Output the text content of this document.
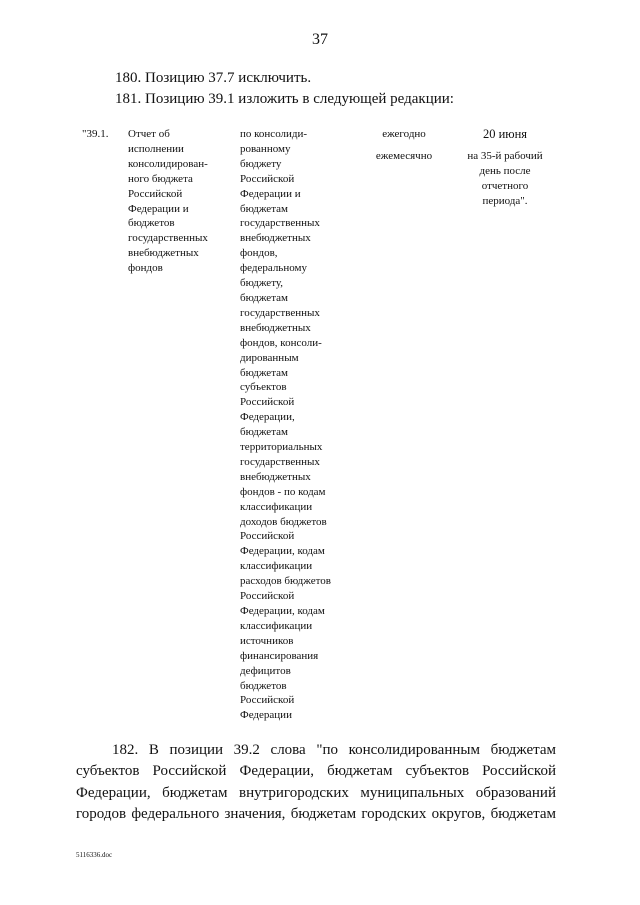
37
180. Позицию 37.7 исключить.
181. Позицию 39.1 изложить в следующей редакции:
"39.1. Отчет об
исполнении
консолидирован-
ного бюджета
Российской
Федерации и
бюджетов
государственных
внебюджетных
фондов
по консолиди-
рованному
бюджету
Российской
Федерации и
бюджетам
государственных
внебюджетных
фондов,
федеральному
бюджету,
бюджетам
государственных
внебюджетных
фондов, консоли-
дированным
бюджетам
субъектов
Российской
Федерации,
бюджетам
территориальных
государственных
внебюджетных
фондов - по кодам
классификации
доходов бюджетов
Российской
Федерации, кодам
классификации
расходов бюджетов
Российской
Федерации, кодам
классификации
источников
финансирования
дефицитов
бюджетов
Российской
Федерации
ежегодно
ежемесячно
20 июня
на 35-й рабочий
день после
отчетного
периода".
182. В позиции 39.2 слова "по консолидированным бюджетам
субъектов Российской Федерации, бюджетам субъектов Российской
Федерации, бюджетам внутригородских муниципальных образований
городов федерального значения, бюджетам городских округов, бюджетам
5116336.doc
